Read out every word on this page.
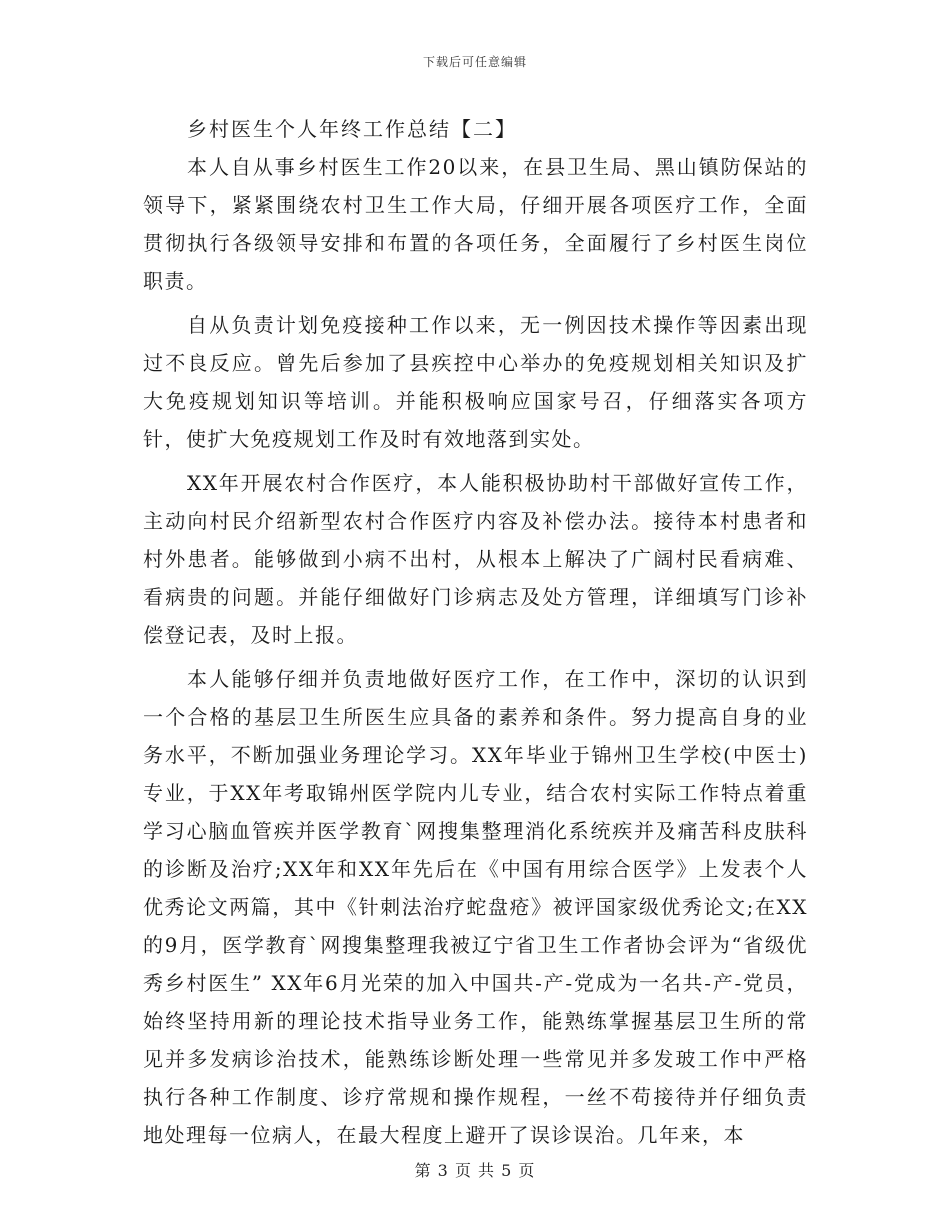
下载后可任意编辑
乡村医生个人年终工作总结【二】

本人自从事乡村医生工作20以来，在县卫生局、黑山镇防保站的领导下，紧紧围绕农村卫生工作大局，仔细开展各项医疗工作，全面贯彻执行各级领导安排和布置的各项任务，全面履行了乡村医生岗位职责。

自从负责计划免疫接种工作以来，无一例因技术操作等因素出现过不良反应。曾先后参加了县疾控中心举办的免疫规划相关知识及扩大免疫规划知识等培训。并能积极响应国家号召，仔细落实各项方针，使扩大免疫规划工作及时有效地落到实处。

XX年开展农村合作医疗，本人能积极协助村干部做好宣传工作，主动向村民介绍新型农村合作医疗内容及补偿办法。接待本村患者和村外患者。能够做到小病不出村，从根本上解决了广阔村民看病难、看病贵的问题。并能仔细做好门诊病志及处方管理，详细填写门诊补偿登记表，及时上报。

本人能够仔细并负责地做好医疗工作，在工作中，深切的认识到一个合格的基层卫生所医生应具备的素养和条件。努力提高自身的业务水平，不断加强业务理论学习。XX年毕业于锦州卫生学校(中医士)专业，于XX年考取锦州医学院内儿专业，结合农村实际工作特点着重学习心脑血管疾并医学教育`网搜集整理消化系统疾并及痛苦科皮肤科的诊断及治疗;XX年和XX年先后在《中国有用综合医学》上发表个人优秀论文两篇，其中《针刺法治疗蛇盘疮》被评国家级优秀论文;在XX的9月，医学教育`网搜集整理我被辽宁省卫生工作者协会评为“省级优秀乡村医生” XX年6月光荣的加入中国共-产-党成为一名共-产-党员，始终坚持用新的理论技术指导业务工作，能熟练掌握基层卫生所的常见并多发病诊治技术，能熟练诊断处理一些常见并多发玻工作中严格执行各种工作制度、诊疗常规和操作规程，一丝不苟接待并仔细负责地处理每一位病人，在最大程度上避开了误诊误治。几年来，本

第 3 页 共 5 页
